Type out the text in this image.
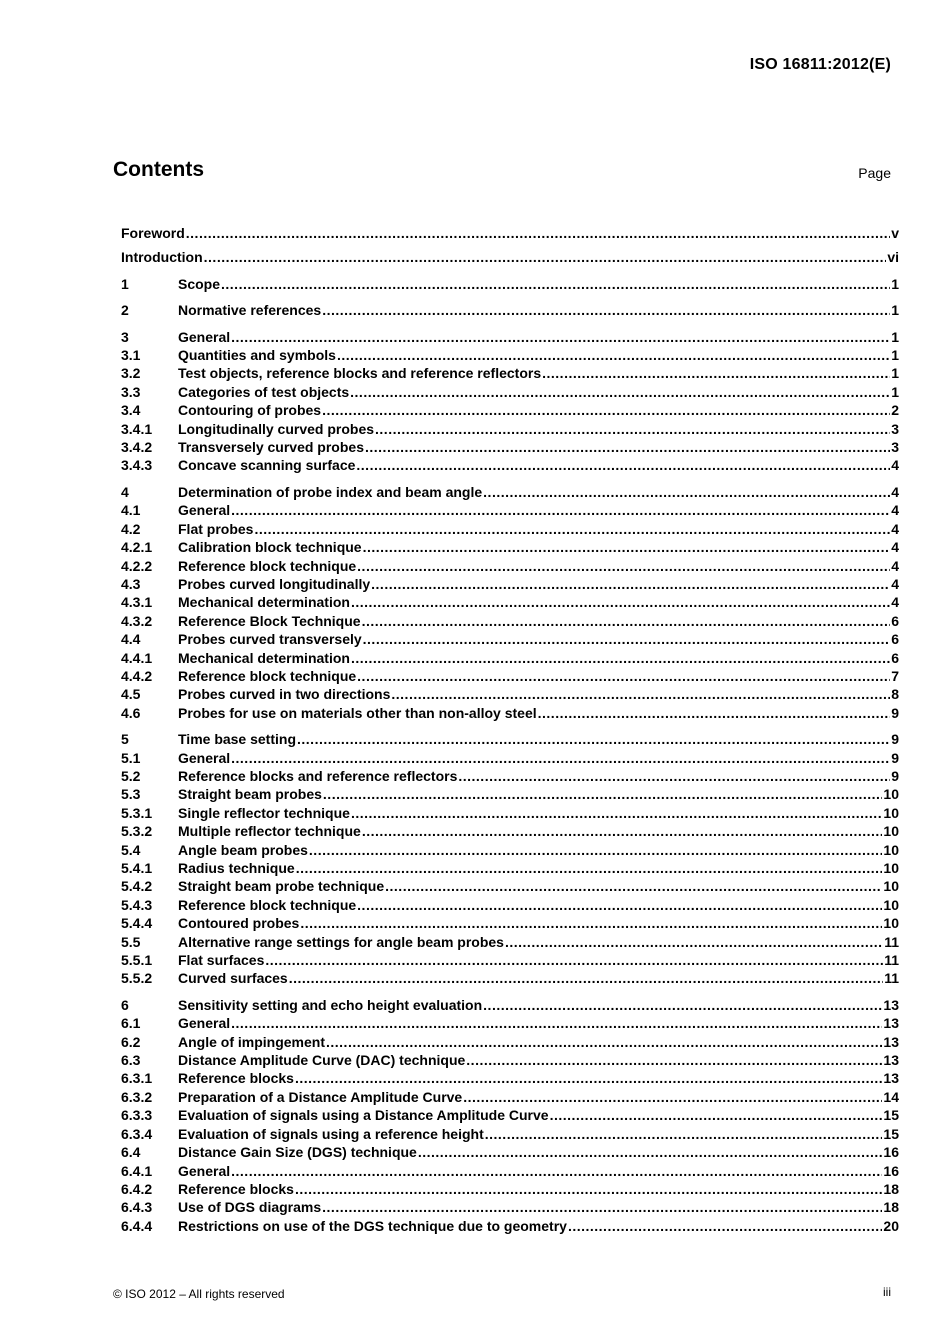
ISO 16811:2012(E)
Contents	Page
Foreword .....	v
Introduction .....	vi
1	Scope .....	1
2	Normative references .....	1
3	General .....	1
3.1	Quantities and symbols .....	1
3.2	Test objects, reference blocks and reference reflectors .....	1
3.3	Categories of test objects .....	1
3.4	Contouring of probes .....	2
3.4.1	Longitudinally curved probes .....	3
3.4.2	Transversely curved probes .....	3
3.4.3	Concave scanning surface .....	4
4	Determination of probe index and beam angle .....	4
4.1	General .....	4
4.2	Flat probes .....	4
4.2.1	Calibration block technique .....	4
4.2.2	Reference block technique .....	4
4.3	Probes curved longitudinally .....	4
4.3.1	Mechanical determination .....	4
4.3.2	Reference Block Technique .....	6
4.4	Probes curved transversely .....	6
4.4.1	Mechanical determination .....	6
4.4.2	Reference block technique .....	7
4.5	Probes curved in two directions .....	8
4.6	Probes for use on materials other than non-alloy steel .....	9
5	Time base setting .....	9
5.1	General .....	9
5.2	Reference blocks and reference reflectors .....	9
5.3	Straight beam probes .....	10
5.3.1	Single reflector technique .....	10
5.3.2	Multiple reflector technique .....	10
5.4	Angle beam probes .....	10
5.4.1	Radius technique .....	10
5.4.2	Straight beam probe technique .....	10
5.4.3	Reference block technique .....	10
5.4.4	Contoured probes .....	10
5.5	Alternative range settings for angle beam probes .....	11
5.5.1	Flat surfaces .....	11
5.5.2	Curved surfaces .....	11
6	Sensitivity setting and echo height evaluation .....	13
6.1	General .....	13
6.2	Angle of impingement .....	13
6.3	Distance Amplitude Curve (DAC) technique .....	13
6.3.1	Reference blocks .....	13
6.3.2	Preparation of a Distance Amplitude Curve .....	14
6.3.3	Evaluation of signals using a Distance Amplitude Curve .....	15
6.3.4	Evaluation of signals using a reference height .....	15
6.4	Distance Gain Size (DGS) technique .....	16
6.4.1	General .....	16
6.4.2	Reference blocks .....	18
6.4.3	Use of DGS diagrams .....	18
6.4.4	Restrictions on use of the DGS technique due to geometry .....	20
© ISO 2012 – All rights reserved	iii
